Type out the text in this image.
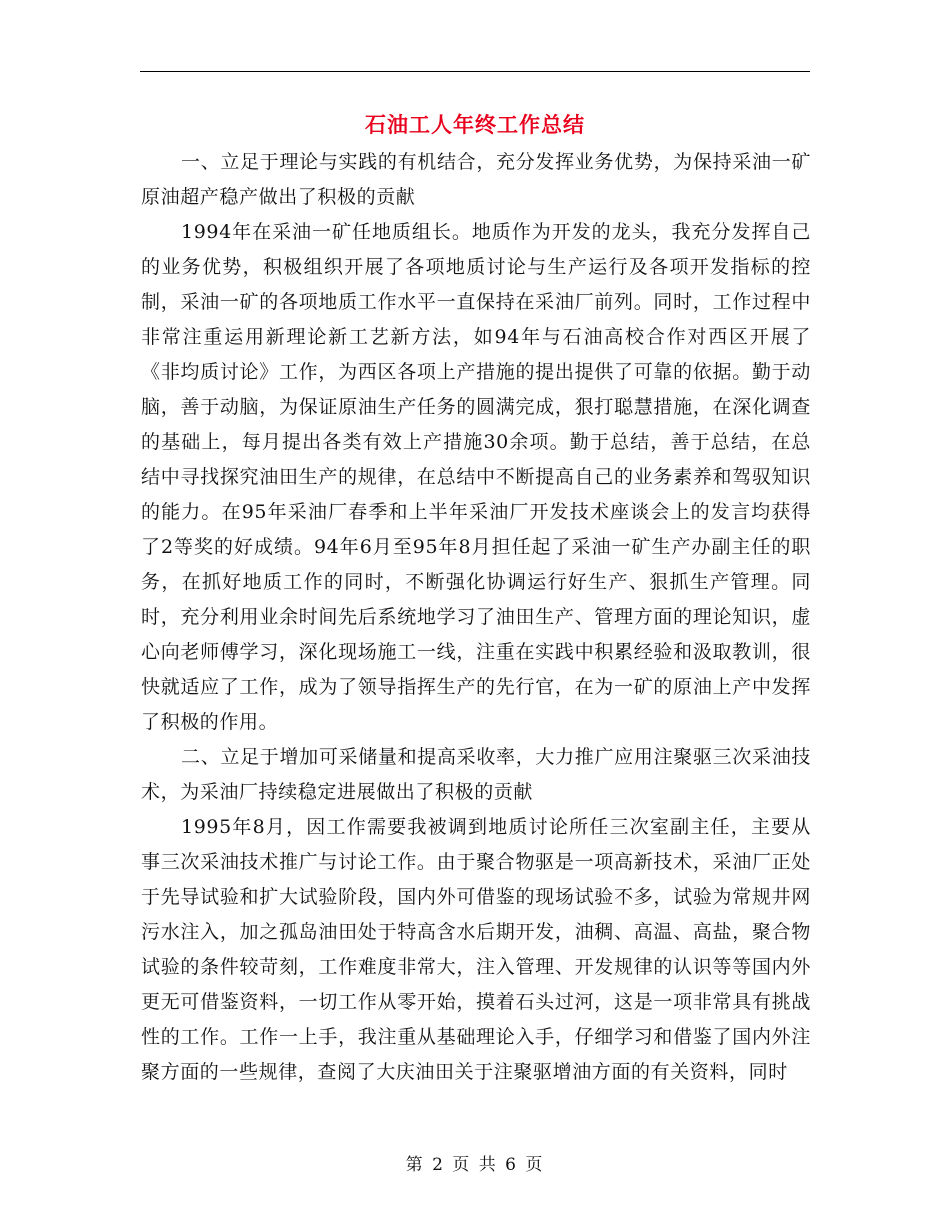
石油工人年终工作总结

一、立足于理论与实践的有机结合，充分发挥业务优势，为保持采油一矿原油超产稳产做出了积极的贡献

1994年在采油一矿任地质组长。地质作为开发的龙头，我充分发挥自己的业务优势，积极组织开展了各项地质讨论与生产运行及各项开发指标的控制，采油一矿的各项地质工作水平一直保持在采油厂前列。同时，工作过程中非常注重运用新理论新工艺新方法，如94年与石油高校合作对西区开展了《非均质讨论》工作，为西区各项上产措施的提出提供了可靠的依据。勤于动脑，善于动脑，为保证原油生产任务的圆满完成，狠打聪慧措施，在深化调查的基础上，每月提出各类有效上产措施30余项。勤于总结，善于总结，在总结中寻找探究油田生产的规律，在总结中不断提高自己的业务素养和驾驭知识的能力。在95年采油厂春季和上半年采油厂开发技术座谈会上的发言均获得了2等奖的好成绩。94年6月至95年8月担任起了采油一矿生产办副主任的职务，在抓好地质工作的同时，不断强化协调运行好生产、狠抓生产管理。同时，充分利用业余时间先后系统地学习了油田生产、管理方面的理论知识，虚心向老师傅学习，深化现场施工一线，注重在实践中积累经验和汲取教训，很快就适应了工作，成为了领导指挥生产的先行官，在为一矿的原油上产中发挥了积极的作用。

二、立足于增加可采储量和提高采收率，大力推广应用注聚驱三次采油技术，为采油厂持续稳定进展做出了积极的贡献

1995年8月，因工作需要我被调到地质讨论所任三次室副主任，主要从事三次采油技术推广与讨论工作。由于聚合物驱是一项高新技术，采油厂正处于先导试验和扩大试验阶段，国内外可借鉴的现场试验不多，试验为常规井网污水注入，加之孤岛油田处于特高含水后期开发，油稠、高温、高盐，聚合物试验的条件较苛刻，工作难度非常大，注入管理、开发规律的认识等等国内外更无可借鉴资料，一切工作从零开始，摸着石头过河，这是一项非常具有挑战性的工作。工作一上手，我注重从基础理论入手，仔细学习和借鉴了国内外注聚方面的一些规律，查阅了大庆油田关于注聚驱增油方面的有关资料，同时

第 2 页 共 6 页
